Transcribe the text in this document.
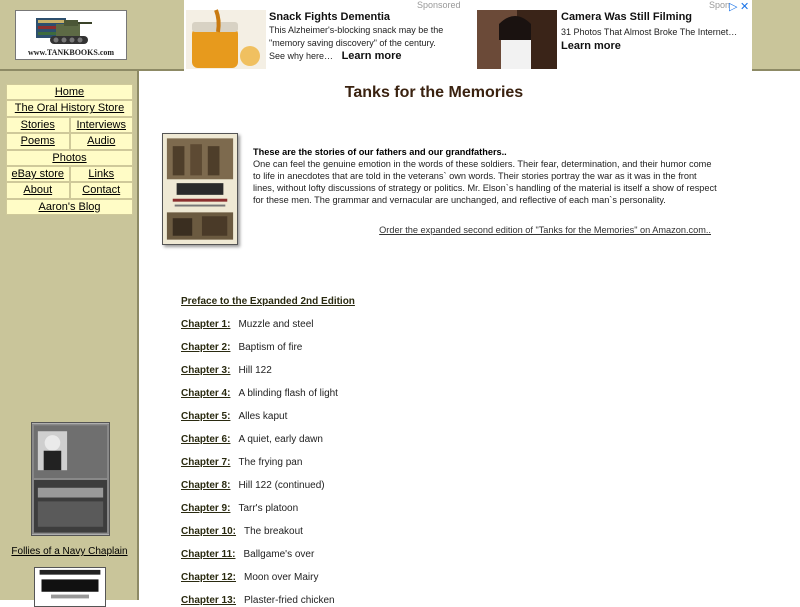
www.TANKBOOKS.com
Sponsored
Snack Fights Dementia
This Alzheimer's-blocking snack may be the "memory saving discovery" of the century. See why here… Learn more
Camera Was Still Filming
31 Photos That Almost Broke The Internet…
Learn more
Spon
▷ ✕
Home
The Oral History Store
Stories	Interviews
Poems	Audio
Photos
eBay store	Links
About	Contact
Aaron's Blog
Follies of a Navy Chaplain
Tanks for the Memories
These are the stories of our fathers and our grandfathers..
One can feel the genuine emotion in the words of these soldiers. Their fear, determination, and their humor come to life in anecdotes that are told in the veterans` own words. Their stories portray the war as it was in the front lines, without lofty discussions of strategy or politics. Mr. Elson`s handling of the material is itself a show of respect for these men. The grammar and vernacular are unchanged, and reflective of each man`s personality.
Order the expanded second edition of "Tanks for the Memories" on Amazon.com..
Preface to the Expanded 2nd Edition
Chapter 1: Muzzle and steel
Chapter 2: Baptism of fire
Chapter 3: Hill 122
Chapter 4: A blinding flash of light
Chapter 5: Alles kaput
Chapter 6: A quiet, early dawn
Chapter 7: The frying pan
Chapter 8: Hill 122 (continued)
Chapter 9: Tarr's platoon
Chapter 10: The breakout
Chapter 11: Ballgame's over
Chapter 12: Moon over Mairy
Chapter 13: Plaster-fried chicken
